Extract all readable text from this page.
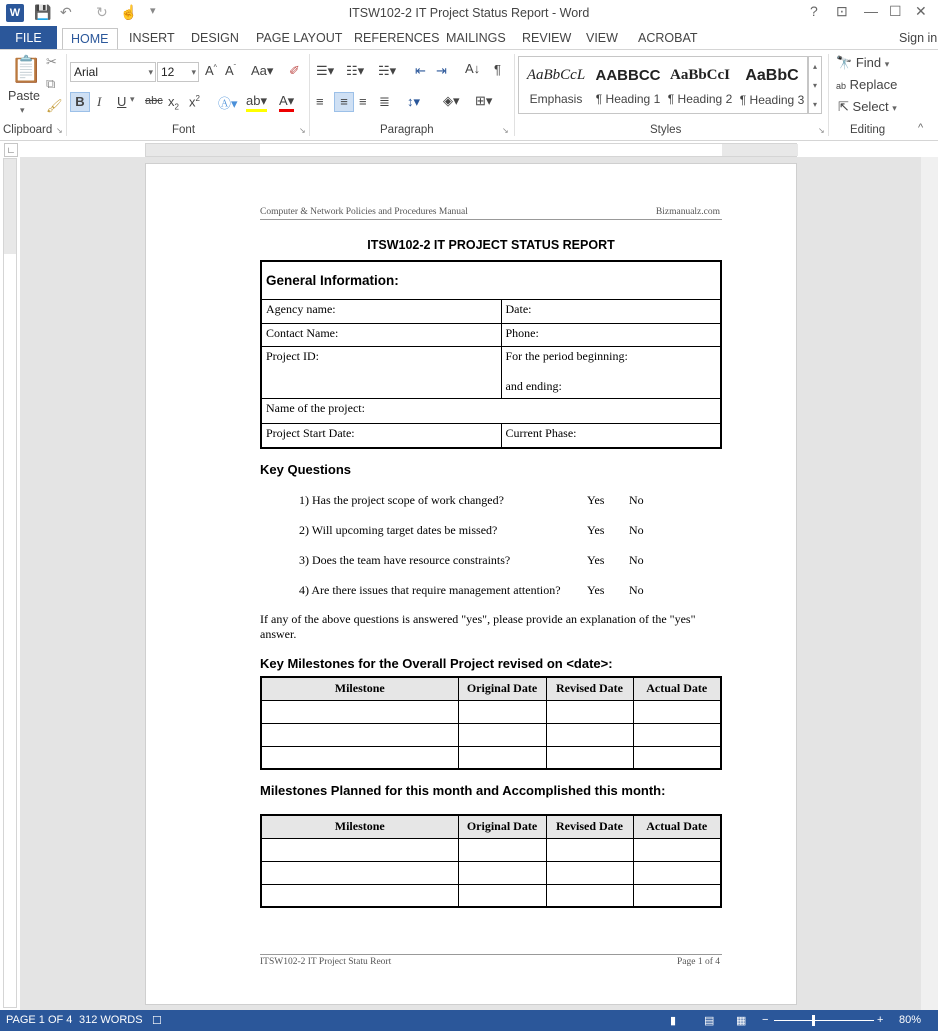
W 💾 ↶ ↻ ☝ ▾	ITSW102-2 IT Project Status Report - Word	? ⊡ — ☐ ✕
FILE	HOME	INSERT DESIGN PAGE LAYOUT REFERENCES MAILINGS REVIEW VIEW ACROBAT	Sign in
📋
Paste
▾
✂
⧉
🖌
Clipboard ↘
Arial	▾ 12 ▾ A^ $A^ˇ$ Aa▾ ✐
B I U ▾ abc $x_2$ $x^2$ Ⓐ▾ ab▾ A▾
Font	↘
☰▾ ☷▾ ☵▾ ⇤ ⇥ A↓ ¶
≡	≡ ≡ ≣ ↕▾ ◈▾ ⊞▾
Paragraph	↘
AaBbCcL
Emphasis
AABBCC
¶ Heading 1
AaBbCcI
¶ Heading 2
AaBbC
¶ Heading 3
▴
▾
▾
Styles	↘
🔭 Find ▾
ab Replace
⇱ Select ▾
Editing	^
∟
Computer & Network Policies and Procedures Manual	Bizmanualz.com
ITSW102-2 IT PROJECT STATUS REPORT
General Information:	
Agency name:	Date:
Contact Name:	Phone:
Project ID:	For the period beginning:
and ending:

Name of the project:	
Project Start Date:	Current Phase:
Key Questions
1) Has the project scope of work changed?	Yes No
2) Will upcoming target dates be missed?	Yes No
3) Does the team have resource constraints?	Yes No
4) Are there issues that require management attention? Yes No
If any of the above questions is answered "yes", please provide an explanation of the "yes" answer.
Key Milestones for the Overall Project revised on <date>:
Milestone	Original Date	Revised Date	Actual Date

Milestones Planned for this month and Accomplished this month:
Milestone	Original Date	Revised Date	Actual Date

ITSW102-2 IT Project Statu Reort	Page 1 of 4
PAGE 1 OF 4 312 WORDS ☐	▮	▤ ▦ −	+ 80%
